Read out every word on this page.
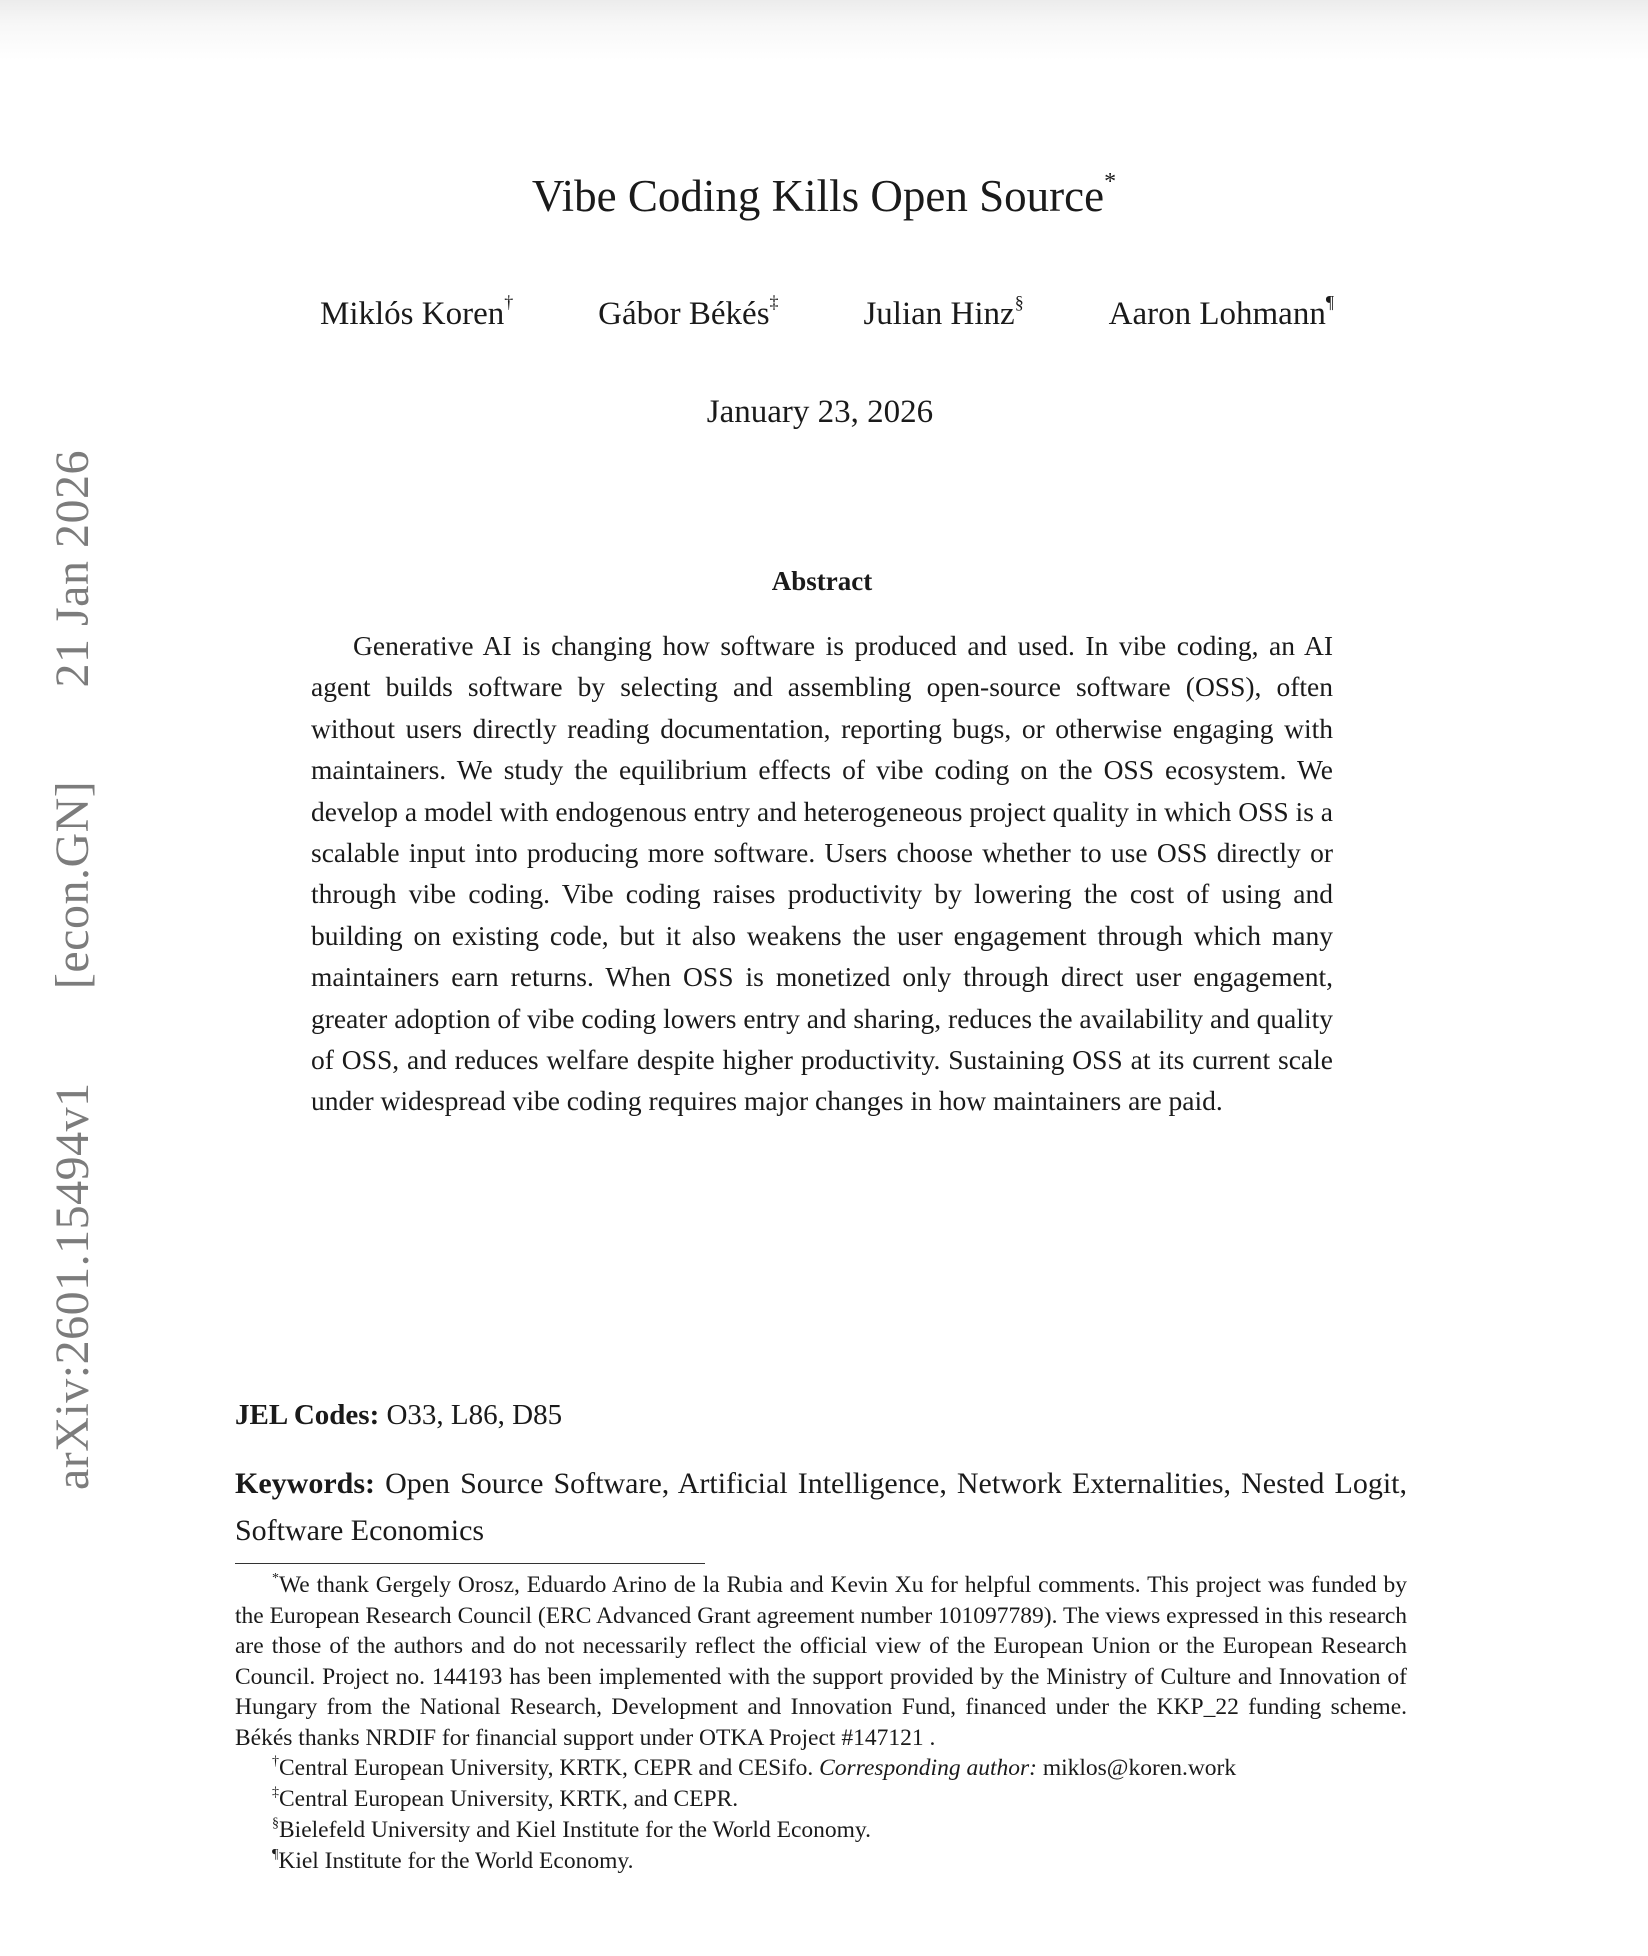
arXiv:2601.15494v1
[econ.GN]
21 Jan 2026
Vibe Coding Kills Open Source*
Miklós Koren†	Gábor Békés‡	Julian Hinz§	Aaron Lohmann¶
January 23, 2026
Abstract

Generative AI is changing how software is produced and used. In vibe coding, an AI agent builds software by selecting and assembling open-source software (OSS), often without users directly reading documentation, reporting bugs, or otherwise engaging with maintainers. We study the equilibrium effects of vibe coding on the OSS ecosystem. We develop a model with endogenous entry and heterogeneous project quality in which OSS is a scalable input into producing more software. Users choose whether to use OSS directly or through vibe coding. Vibe coding raises productivity by lowering the cost of using and building on existing code, but it also weakens the user engagement through which many maintainers earn returns. When OSS is monetized only through direct user engagement, greater adoption of vibe coding lowers entry and sharing, reduces the availability and quality of OSS, and reduces welfare despite higher productivity. Sustaining OSS at its current scale under widespread vibe coding requires major changes in how maintainers are paid.

JEL Codes: O33, L86, D85
Keywords: Open Source Software, Artificial Intelligence, Network Externalities, Nested Logit, Software Economics

*We thank Gergely Orosz, Eduardo Arino de la Rubia and Kevin Xu for helpful comments. This project was funded by the European Research Council (ERC Advanced Grant agreement number 101097789). The views expressed in this research are those of the authors and do not necessarily reflect the official view of the European Union or the European Research Council. Project no. 144193 has been implemented with the support provided by the Ministry of Culture and Innovation of Hungary from the National Research, Development and Innovation Fund, financed under the KKP_22 funding scheme. Békés thanks NRDIF for financial support under OTKA Project #147121 .

†Central European University, KRTK, CEPR and CESifo. Corresponding author: miklos@koren.work

‡Central European University, KRTK, and CEPR.

§Bielefeld University and Kiel Institute for the World Economy.

¶Kiel Institute for the World Economy.
